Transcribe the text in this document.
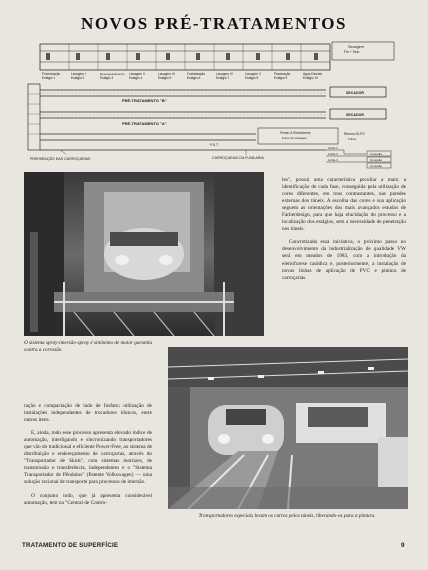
NOVOS PRÉ-TRATAMENTOS
Secagem
Fio + Selo
Pulverização	Lavagem I	Desengraxamento Lavagem II	Lavagem III	Fosfatização	Lavagem IV	Lavagem V	Passivação	Água Desmin.
Estágio 1	Estágio 2	Estágio 3	Estágio 4	Estágio 5	Estágio 6	Estágio 7	Estágio 8	Estágio 9	Estágio 10
PRÉ-TRATAMENTO "B"
PRÉ-TRATAMENTO "A"
SECADOR
SECADOR
Primer & Eletroforese
Forno de secagem
Retorno ELPO
Tubos
P.S.T.
Linha 1
Linha 2
Linha 3
Conexão
Conexão
Conexão
PREPARAÇÃO DAS CARROÇARIAS	CARROÇARIAS DA FUNILARIA
O sistema spray-imersão-spray é sinônimo de maior garantia contra a corrosão.

les", possui uma característica peculiar a mais: a identificação de cada fase, conseguida pela utilização de cores diferentes, em tons contrastantes, nas paredes externas dos túneis. A escolha das cores e sua aplicação seguem as orientações dos mais avançados estudos de Farberdesign, para que haja elucidação do processo e a localização dos estágios, sem a necessidade de penetração nos túneis.

Concretizada essa iniciativa, o próximo passo no desenvolvimento da industrialização de qualidade VW será em meados de 1983, com a introdução da eletroforese catódica e, posteriormente, a instalação de novas linhas de aplicação de PVC e pintura de carroçarias.

Transportadores especiais levam os carros pelos túneis, liberando-os para a pintura.

ração e compactação de lado de fosfato; utilização de instalações independentes de trocadores iônicos, entre outros itens.

E, ainda, todo esse processo apresenta elevado índice de automação, interligando e sincronizando transportadores que vão do tradicional e eficiente Power-Free, ao sistema de distribuição e endereçamento de carroçarias, através do "Transportador de Skids", com sistemas motrizes, de transmissão e transferência, independentes e o "Sistema Transportador de Pêndulos" (Patente Volkswagen) — uma solução racional de transporte para processos de imersão.

O conjunto todo, que já apresenta considerável automação, tem na "Central de Contro-

TRATAMENTO DE SUPERFÍCIE	9
